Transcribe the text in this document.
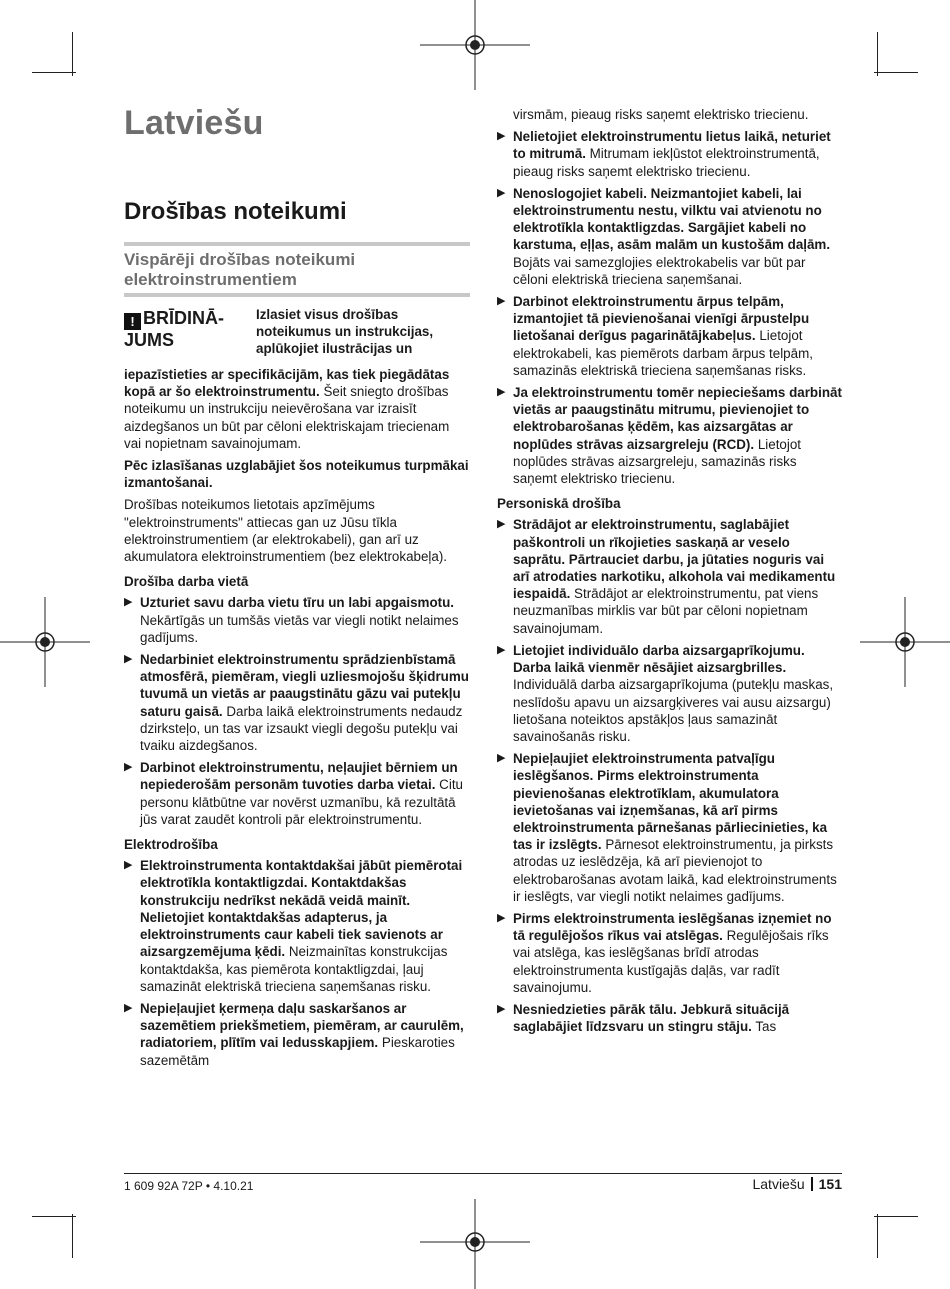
Latviešu
Drošības noteikumi
Vispārēji drošības noteikumi elektroinstrumentiem
! BRĪDINĀ-
JUMS
Izlasiet visus drošības noteikumus un instrukcijas, aplūkojiet ilustrācijas un

iepazīstieties ar specifikācijām, kas tiek piegādātas kopā ar šo elektroinstrumentu. Šeit sniegto drošības noteikumu un instrukciju neievērošana var izraisīt aizdegšanos un būt par cēloni elektriskajam triecienam vai nopietnam savainojumam.

Pēc izlasīšanas uzglabājiet šos noteikumus turpmākai izmantošanai.

Drošības noteikumos lietotais apzīmējums "elektroinstruments" attiecas gan uz Jūsu tīkla elektroinstrumentiem (ar elektrokabeli), gan arī uz akumulatora elektroinstrumentiem (bez elektrokabeļa).

Drošība darba vietā
▶ Uzturiet savu darba vietu tīru un labi apgaismotu. Nekārtīgās un tumšās vietās var viegli notikt nelaimes gadījums.
▶ Nedarbiniet elektroinstrumentu sprādzienbīstamā atmosfērā, piemēram, viegli uzliesmojošu šķidrumu tuvumā un vietās ar paaugstinātu gāzu vai putekļu saturu gaisā. Darba laikā elektroinstruments nedaudz dzirksteļo, un tas var izsaukt viegli degošu putekļu vai tvaiku aizdegšanos.
▶ Darbinot elektroinstrumentu, neļaujiet bērniem un nepiederošām personām tuvoties darba vietai. Citu personu klātbūtne var novērst uzmanību, kā rezultātā jūs varat zaudēt kontroli pār elektroinstrumentu.
Elektrodrošība
▶ Elektroinstrumenta kontaktdakšai jābūt piemērotai elektrotīkla kontaktligzdai. Kontaktdakšas konstrukciju nedrīkst nekādā veidā mainīt. Nelietojiet kontaktdakšas adapterus, ja elektroinstruments caur kabeli tiek savienots ar aizsargzemējuma ķēdi. Neizmainītas konstrukcijas kontaktdakša, kas piemērota kontaktligzdai, ļauj samazināt elektriskā trieciena saņemšanas risku.
▶ Nepieļaujiet ķermeņa daļu saskaršanos ar sazemētiem priekšmetiem, piemēram, ar caurulēm, radiatoriem, plītīm vai ledusskapjiem. Pieskaroties sazemētām
virsmām, pieaug risks saņemt elektrisko triecienu.
▶ Nelietojiet elektroinstrumentu lietus laikā, neturiet to mitrumā. Mitrumam iekļūstot elektroinstrumentā, pieaug risks saņemt elektrisko triecienu.
▶ Nenoslogojiet kabeli. Neizmantojiet kabeli, lai elektroinstrumentu nestu, vilktu vai atvienotu no elektrotīkla kontaktligzdas. Sargājiet kabeli no karstuma, eļļas, asām malām un kustošām daļām. Bojāts vai samezglojies elektrokabelis var būt par cēloni elektriskā trieciena saņemšanai.
▶ Darbinot elektroinstrumentu ārpus telpām, izmantojiet tā pievienošanai vienīgi ārpustelpu lietošanai derīgus pagarinātājkabeļus. Lietojot elektrokabeli, kas piemērots darbam ārpus telpām, samazinās elektriskā trieciena saņemšanas risks.
▶ Ja elektroinstrumentu tomēr nepieciešams darbināt vietās ar paaugstinātu mitrumu, pievienojiet to elektrobarošanas ķēdēm, kas aizsargātas ar noplūdes strāvas aizsargreleju (RCD). Lietojot noplūdes strāvas aizsargreleju, samazinās risks saņemt elektrisko triecienu.
Personiskā drošība
▶ Strādājot ar elektroinstrumentu, saglabājiet paškontroli un rīkojieties saskaņā ar veselo saprātu. Pārtrauciet darbu, ja jūtaties noguris vai arī atrodaties narkotiku, alkohola vai medikamentu iespaidā. Strādājot ar elektroinstrumentu, pat viens neuzmanības mirklis var būt par cēloni nopietnam savainojumam.
▶ Lietojiet individuālo darba aizsargaprīkojumu. Darba laikā vienmēr nēsājiet aizsargbrilles. Individuālā darba aizsargaprīkojuma (putekļu maskas, neslīdošu apavu un aizsargķiveres vai ausu aizsargu) lietošana noteiktos apstākļos ļaus samazināt savainošanās risku.
▶ Nepieļaujiet elektroinstrumenta patvaļīgu ieslēgšanos. Pirms elektroinstrumenta pievienošanas elektrotīklam, akumulatora ievietošanas vai izņemšanas, kā arī pirms elektroinstrumenta pārnešanas pārliecinieties, ka tas ir izslēgts. Pārnesot elektroinstrumentu, ja pirksts atrodas uz ieslēdzēja, kā arī pievienojot to elektrobarošanas avotam laikā, kad elektroinstruments ir ieslēgts, var viegli notikt nelaimes gadījums.
▶ Pirms elektroinstrumenta ieslēgšanas izņemiet no tā regulējošos rīkus vai atslēgas. Regulējošais rīks vai atslēga, kas ieslēgšanas brīdī atrodas elektroinstrumenta kustīgajās daļās, var radīt savainojumu.
▶ Nesniedzieties pārāk tālu. Jebkurā situācijā saglabājiet līdzsvaru un stingru stāju. Tas
1 609 92A 72P • 4.10.21	Latviešu 151
